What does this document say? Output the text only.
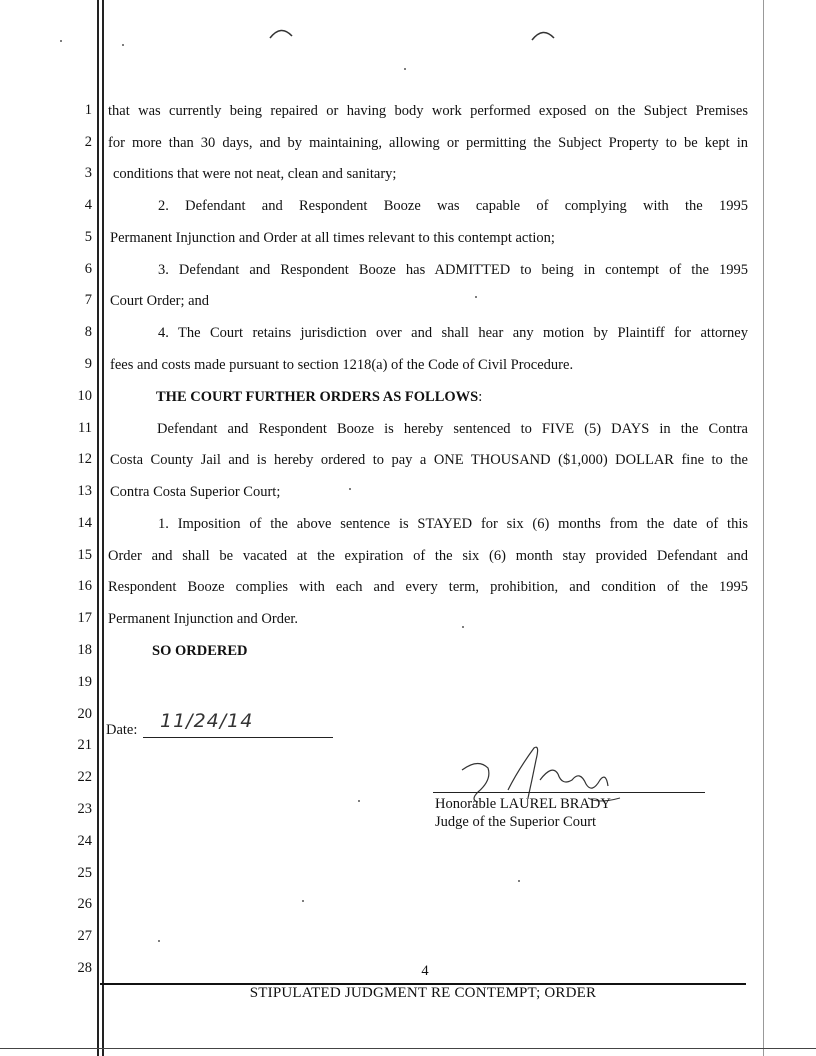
1
2
3
4
5
6
7
8
9
10
11
12
13
14
15
16
17
18
19
20
21
22
23
24
25
26
27
28
that was currently being repaired or having body work performed exposed on the Subject Premises
for more than 30 days, and by maintaining, allowing or permitting the Subject Property to be kept in
conditions that were not neat, clean and sanitary;
2. Defendant and Respondent Booze was capable of complying with the 1995
Permanent Injunction and Order at all times relevant to this contempt action;
3. Defendant and Respondent Booze has ADMITTED to being in contempt of the 1995
Court Order; and
4. The Court retains jurisdiction over and shall hear any motion by Plaintiff for attorney
fees and costs made pursuant to section 1218(a) of the Code of Civil Procedure.
THE COURT FURTHER ORDERS AS FOLLOWS:
Defendant and Respondent Booze is hereby sentenced to FIVE (5) DAYS in the Contra
Costa County Jail and is hereby ordered to pay a ONE THOUSAND ($1,000) DOLLAR fine to the
Contra Costa Superior Court;
1. Imposition of the above sentence is STAYED for six (6) months from the date of this
Order and shall be vacated at the expiration of the six (6) month stay provided Defendant and
Respondent Booze complies with each and every term, prohibition, and condition of the 1995
Permanent Injunction and Order.
SO ORDERED
Date: 11/24/14
Honorable LAUREL BRADY
Judge of the Superior Court
4
STIPULATED JUDGMENT RE CONTEMPT; ORDER
